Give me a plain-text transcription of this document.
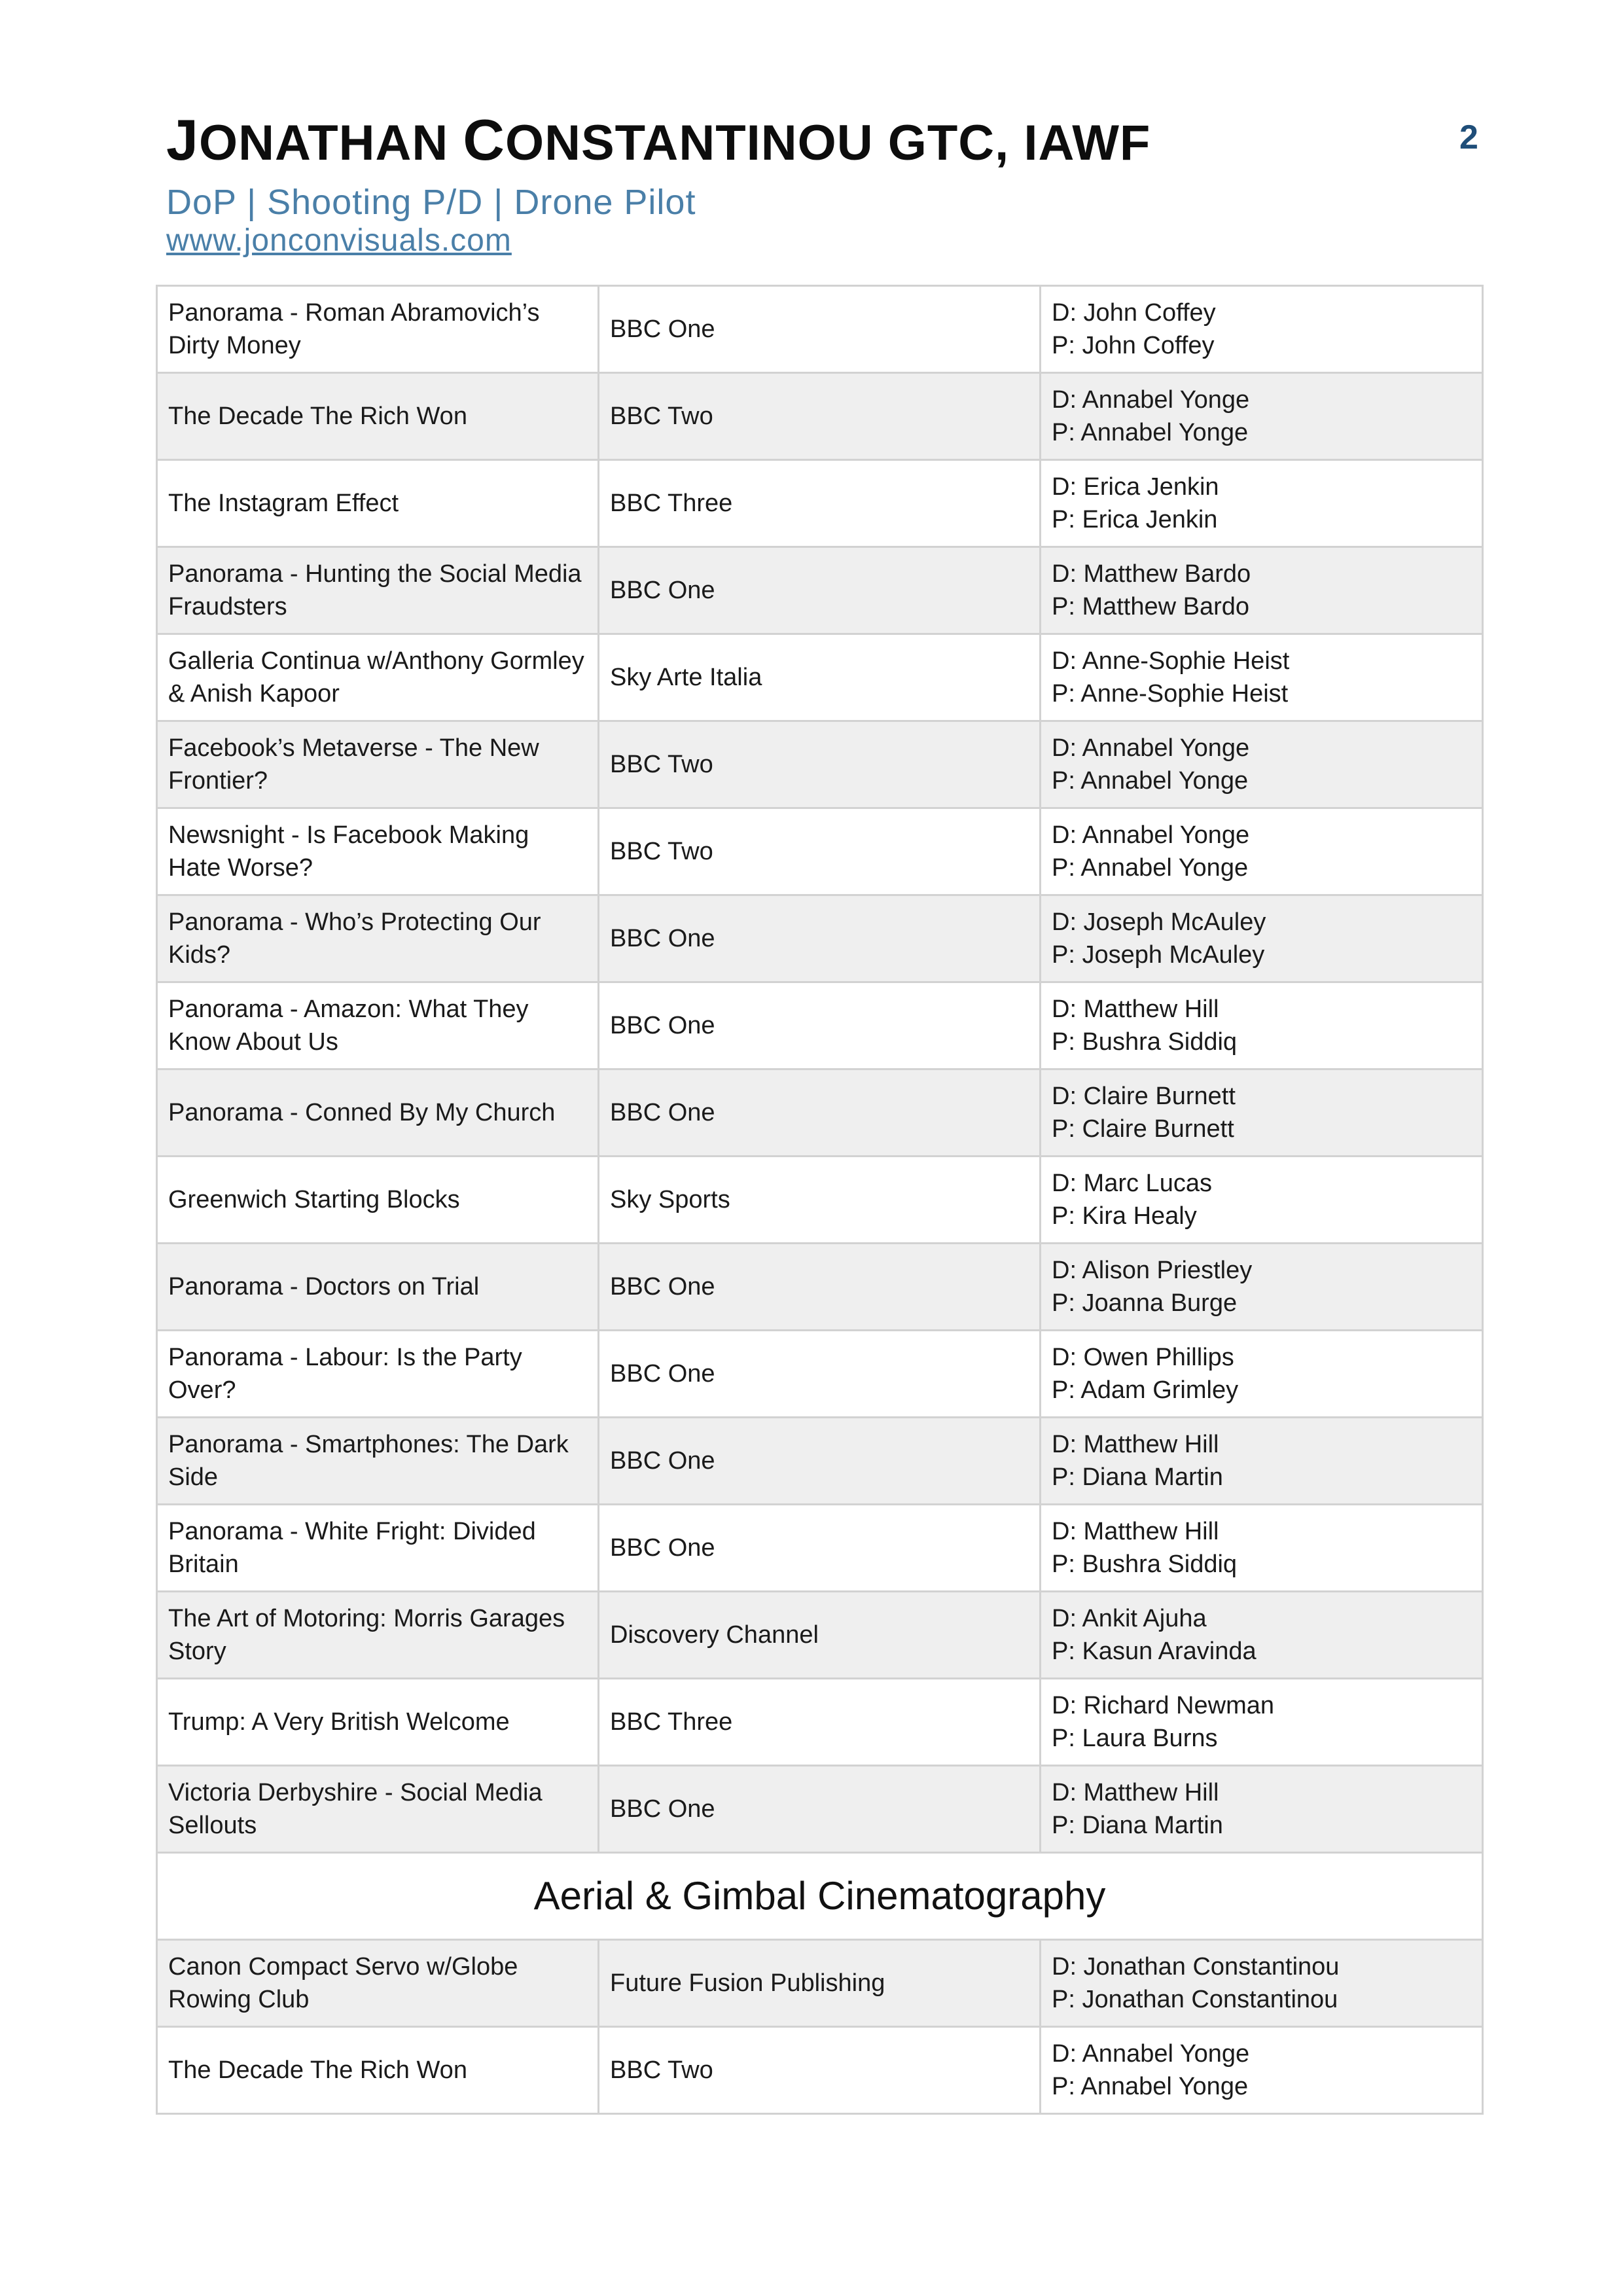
JONATHAN CONSTANTINOU GTC, IAWF	2
DoP | Shooting P/D | Drone Pilot
www.jonconvisuals.com
Panorama - Roman Abramovich’s Dirty Money	BBC One	D: John Coffey
P: John Coffey

The Decade The Rich Won	BBC Two	D: Annabel Yonge
P: Annabel Yonge

The Instagram Effect	BBC Three	D: Erica Jenkin
P: Erica Jenkin

Panorama - Hunting the Social Media Fraudsters	BBC One	D: Matthew Bardo
P: Matthew Bardo

Galleria Continua w/Anthony Gormley & Anish Kapoor	Sky Arte Italia	D: Anne-Sophie Heist
P: Anne-Sophie Heist

Facebook’s Metaverse - The New Frontier?	BBC Two	D: Annabel Yonge
P: Annabel Yonge

Newsnight - Is Facebook Making Hate Worse?	BBC Two	D: Annabel Yonge
P: Annabel Yonge

Panorama - Who’s Protecting Our Kids?	BBC One	D: Joseph McAuley
P: Joseph McAuley

Panorama - Amazon: What They Know About Us	BBC One	D: Matthew Hill
P: Bushra Siddiq

Panorama - Conned By My Church	BBC One	D: Claire Burnett
P: Claire Burnett

Greenwich Starting Blocks	Sky Sports	D: Marc Lucas
P: Kira Healy

Panorama - Doctors on Trial	BBC One	D: Alison Priestley
P: Joanna Burge

Panorama - Labour: Is the Party Over?	BBC One	D: Owen Phillips
P: Adam Grimley

Panorama - Smartphones: The Dark Side	BBC One	D: Matthew Hill
P: Diana Martin

Panorama - White Fright: Divided Britain	BBC One	D: Matthew Hill
P: Bushra Siddiq

The Art of Motoring: Morris Garages Story	Discovery Channel	D: Ankit Ajuha
P: Kasun Aravinda

Trump: A Very British Welcome	BBC Three	D: Richard Newman
P: Laura Burns

Victoria Derbyshire - Social Media Sellouts	BBC One	D: Matthew Hill
P: Diana Martin

Aerial & Gimbal Cinematography		
Canon Compact Servo w/Globe Rowing Club	Future Fusion Publishing	D: Jonathan Constantinou
P: Jonathan Constantinou

The Decade The Rich Won	BBC Two	D: Annabel Yonge
P: Annabel Yonge
